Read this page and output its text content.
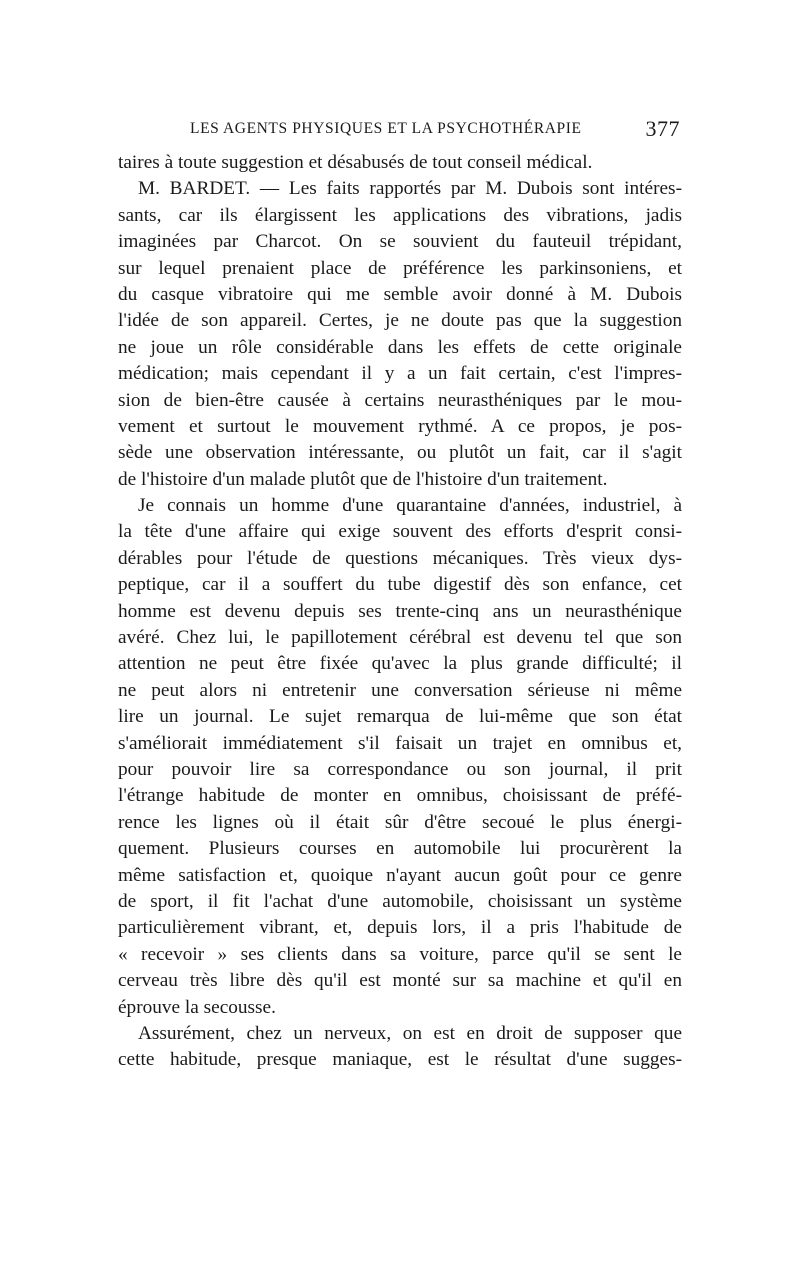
LES AGENTS PHYSIQUES ET LA PSYCHOTHÉRAPIE	377
taires à toute suggestion et désabusés de tout conseil médical.
M. BARDET. — Les faits rapportés par M. Dubois sont intéres-
sants, car ils élargissent les applications des vibrations, jadis
imaginées par Charcot. On se souvient du fauteuil trépidant,
sur lequel prenaient place de préférence les parkinsoniens, et
du casque vibratoire qui me semble avoir donné à M. Dubois
l'idée de son appareil. Certes, je ne doute pas que la suggestion
ne joue un rôle considérable dans les effets de cette originale
médication; mais cependant il y a un fait certain, c'est l'impres-
sion de bien-être causée à certains neurasthéniques par le mou-
vement et surtout le mouvement rythmé. A ce propos, je pos-
sède une observation intéressante, ou plutôt un fait, car il s'agit
de l'histoire d'un malade plutôt que de l'histoire d'un traitement.
Je connais un homme d'une quarantaine d'années, industriel, à
la tête d'une affaire qui exige souvent des efforts d'esprit consi-
dérables pour l'étude de questions mécaniques. Très vieux dys-
peptique, car il a souffert du tube digestif dès son enfance, cet
homme est devenu depuis ses trente-cinq ans un neurasthénique
avéré. Chez lui, le papillotement cérébral est devenu tel que son
attention ne peut être fixée qu'avec la plus grande difficulté; il
ne peut alors ni entretenir une conversation sérieuse ni même
lire un journal. Le sujet remarqua de lui-même que son état
s'améliorait immédiatement s'il faisait un trajet en omnibus et,
pour pouvoir lire sa correspondance ou son journal, il prit
l'étrange habitude de monter en omnibus, choisissant de préfé-
rence les lignes où il était sûr d'être secoué le plus énergi-
quement. Plusieurs courses en automobile lui procurèrent la
même satisfaction et, quoique n'ayant aucun goût pour ce genre
de sport, il fit l'achat d'une automobile, choisissant un système
particulièrement vibrant, et, depuis lors, il a pris l'habitude de
« recevoir » ses clients dans sa voiture, parce qu'il se sent le
cerveau très libre dès qu'il est monté sur sa machine et qu'il en
éprouve la secousse.
Assurément, chez un nerveux, on est en droit de supposer que
cette habitude, presque maniaque, est le résultat d'une sugges-
